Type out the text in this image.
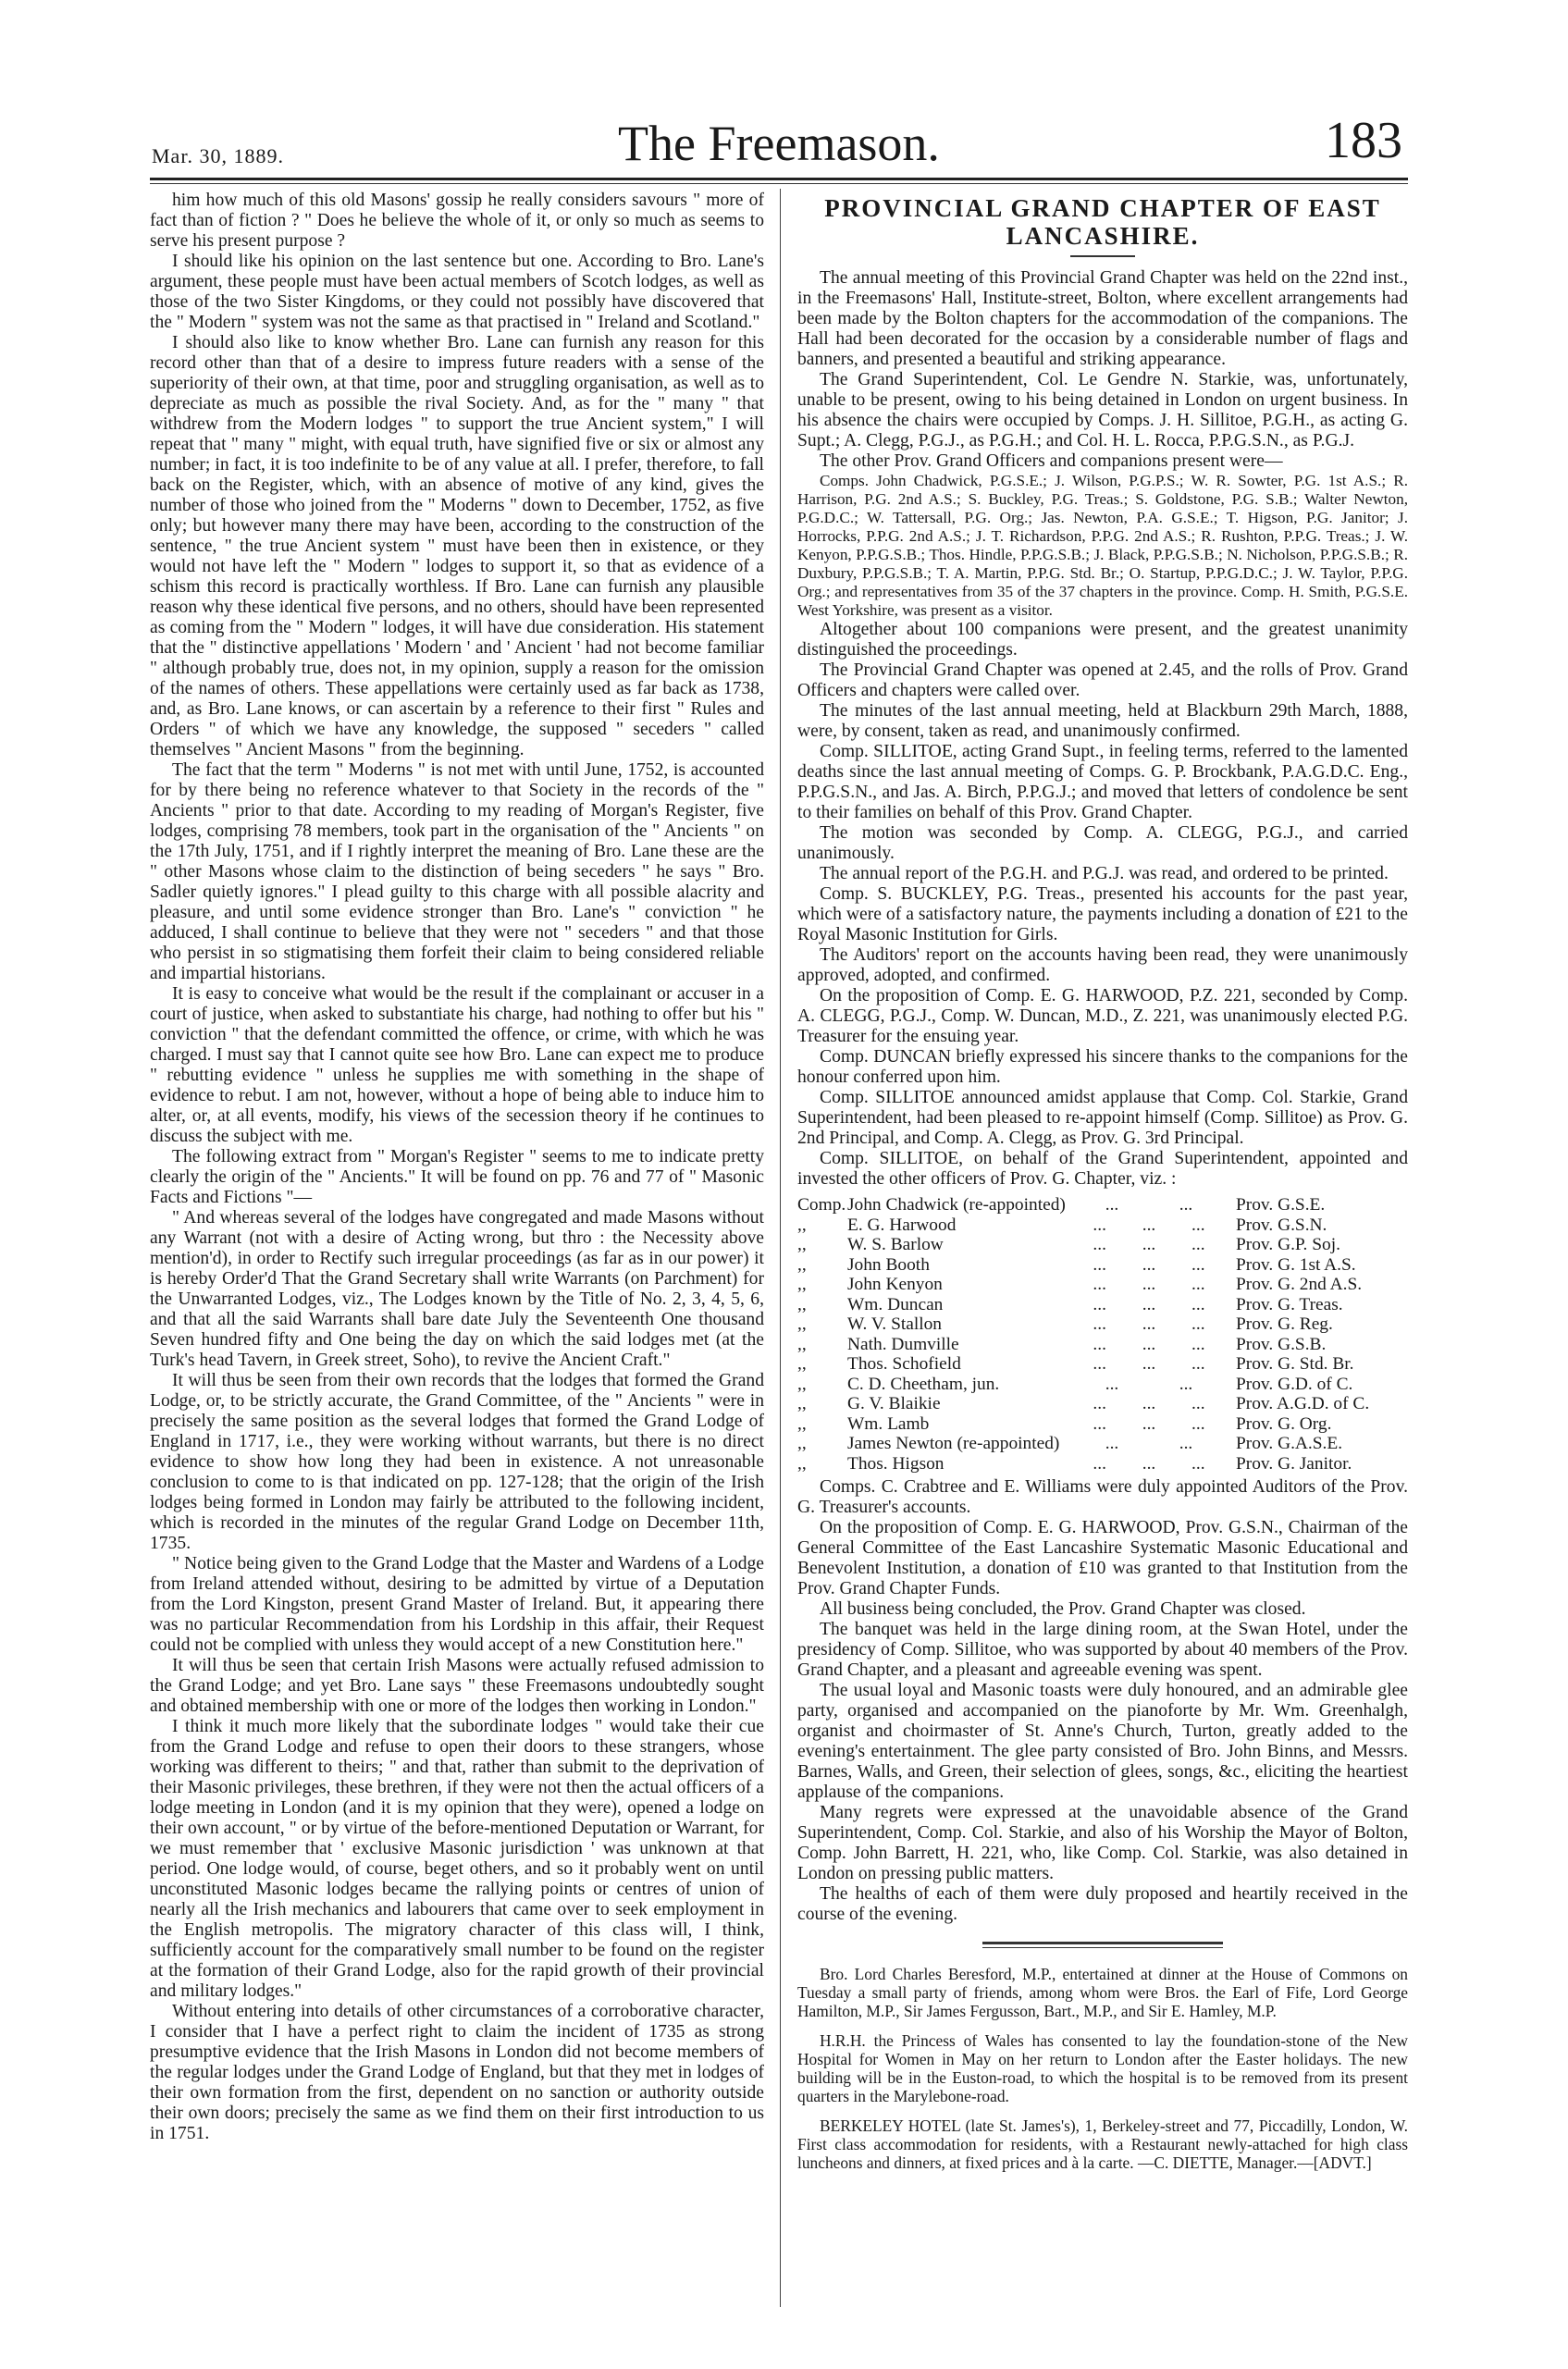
Mar. 30, 1889.	The Freemason.	183

him how much of this old Masons' gossip he really considers savours " more of fact than of fiction ? " Does he believe the whole of it, or only so much as seems to serve his present purpose ?

I should like his opinion on the last sentence but one. According to Bro. Lane's argument, these people must have been actual members of Scotch lodges, as well as those of the two Sister Kingdoms, or they could not possibly have discovered that the " Modern " system was not the same as that practised in " Ireland and Scotland."

I should also like to know whether Bro. Lane can furnish any reason for this record other than that of a desire to impress future readers with a sense of the superiority of their own, at that time, poor and struggling organisation, as well as to depreciate as much as possible the rival Society. And, as for the " many " that withdrew from the Modern lodges " to support the true Ancient system," I will repeat that " many " might, with equal truth, have signified five or six or almost any number; in fact, it is too indefinite to be of any value at all. I prefer, therefore, to fall back on the Register, which, with an absence of motive of any kind, gives the number of those who joined from the " Moderns " down to December, 1752, as five only; but however many there may have been, according to the construction of the sentence, " the true Ancient system " must have been then in existence, or they would not have left the " Modern " lodges to support it, so that as evidence of a schism this record is practically worthless. If Bro. Lane can furnish any plausible reason why these identical five persons, and no others, should have been represented as coming from the " Modern " lodges, it will have due consideration. His statement that the " distinctive appellations ' Modern ' and ' Ancient ' had not become familiar " although probably true, does not, in my opinion, supply a reason for the omission of the names of others. These appellations were certainly used as far back as 1738, and, as Bro. Lane knows, or can ascertain by a reference to their first " Rules and Orders " of which we have any knowledge, the supposed " seceders " called themselves " Ancient Masons " from the beginning.

The fact that the term " Moderns " is not met with until June, 1752, is accounted for by there being no reference whatever to that Society in the records of the " Ancients " prior to that date. According to my reading of Morgan's Register, five lodges, comprising 78 members, took part in the organisation of the " Ancients " on the 17th July, 1751, and if I rightly interpret the meaning of Bro. Lane these are the " other Masons whose claim to the distinction of being seceders " he says " Bro. Sadler quietly ignores." I plead guilty to this charge with all possible alacrity and pleasure, and until some evidence stronger than Bro. Lane's " conviction " he adduced, I shall continue to believe that they were not " seceders " and that those who persist in so stigmatising them forfeit their claim to being considered reliable and impartial historians.

It is easy to conceive what would be the result if the complainant or accuser in a court of justice, when asked to substantiate his charge, had nothing to offer but his " conviction " that the defendant committed the offence, or crime, with which he was charged. I must say that I cannot quite see how Bro. Lane can expect me to produce " rebutting evidence " unless he supplies me with something in the shape of evidence to rebut. I am not, however, without a hope of being able to induce him to alter, or, at all events, modify, his views of the secession theory if he continues to discuss the subject with me.

The following extract from " Morgan's Register " seems to me to indicate pretty clearly the origin of the " Ancients." It will be found on pp. 76 and 77 of " Masonic Facts and Fictions "—

" And whereas several of the lodges have congregated and made Masons without any Warrant (not with a desire of Acting wrong, but thro : the Necessity above mention'd), in order to Rectify such irregular proceedings (as far as in our power) it is hereby Order'd That the Grand Secretary shall write Warrants (on Parchment) for the Unwarranted Lodges, viz., The Lodges known by the Title of No. 2, 3, 4, 5, 6, and that all the said Warrants shall bare date July the Seventeenth One thousand Seven hundred fifty and One being the day on which the said lodges met (at the Turk's head Tavern, in Greek street, Soho), to revive the Ancient Craft."

It will thus be seen from their own records that the lodges that formed the Grand Lodge, or, to be strictly accurate, the Grand Committee, of the " Ancients " were in precisely the same position as the several lodges that formed the Grand Lodge of England in 1717, i.e., they were working without warrants, but there is no direct evidence to show how long they had been in existence. A not unreasonable conclusion to come to is that indicated on pp. 127-128; that the origin of the Irish lodges being formed in London may fairly be attributed to the following incident, which is recorded in the minutes of the regular Grand Lodge on December 11th, 1735.

" Notice being given to the Grand Lodge that the Master and Wardens of a Lodge from Ireland attended without, desiring to be admitted by virtue of a Deputation from the Lord Kingston, present Grand Master of Ireland. But, it appearing there was no particular Recommendation from his Lordship in this affair, their Request could not be complied with unless they would accept of a new Constitution here."

It will thus be seen that certain Irish Masons were actually refused admission to the Grand Lodge; and yet Bro. Lane says " these Freemasons undoubtedly sought and obtained membership with one or more of the lodges then working in London."

I think it much more likely that the subordinate lodges " would take their cue from the Grand Lodge and refuse to open their doors to these strangers, whose working was different to theirs; " and that, rather than submit to the deprivation of their Masonic privileges, these brethren, if they were not then the actual officers of a lodge meeting in London (and it is my opinion that they were), opened a lodge on their own account, " or by virtue of the before-mentioned Deputation or Warrant, for we must remember that ' exclusive Masonic jurisdiction ' was unknown at that period. One lodge would, of course, beget others, and so it probably went on until unconstituted Masonic lodges became the rallying points or centres of union of nearly all the Irish mechanics and labourers that came over to seek employment in the English metropolis. The migratory character of this class will, I think, sufficiently account for the comparatively small number to be found on the register at the formation of their Grand Lodge, also for the rapid growth of their provincial and military lodges."

Without entering into details of other circumstances of a corroborative character, I consider that I have a perfect right to claim the incident of 1735 as strong presumptive evidence that the Irish Masons in London did not become members of the regular lodges under the Grand Lodge of England, but that they met in lodges of their own formation from the first, dependent on no sanction or authority outside their own doors; precisely the same as we find them on their first introduction to us in 1751.

PROVINCIAL GRAND CHAPTER OF EAST LANCASHIRE.

The annual meeting of this Provincial Grand Chapter was held on the 22nd inst., in the Freemasons' Hall, Institute-street, Bolton, where excellent arrangements had been made by the Bolton chapters for the accommodation of the companions. The Hall had been decorated for the occasion by a considerable number of flags and banners, and presented a beautiful and striking appearance.

The Grand Superintendent, Col. Le Gendre N. Starkie, was, unfortunately, unable to be present, owing to his being detained in London on urgent business. In his absence the chairs were occupied by Comps. J. H. Sillitoe, P.G.H., as acting G. Supt.; A. Clegg, P.G.J., as P.G.H.; and Col. H. L. Rocca, P.P.G.S.N., as P.G.J.

The other Prov. Grand Officers and companions present were—

Comps. John Chadwick, P.G.S.E.; J. Wilson, P.G.P.S.; W. R. Sowter, P.G. 1st A.S.; R. Harrison, P.G. 2nd A.S.; S. Buckley, P.G. Treas.; S. Goldstone, P.G. S.B.; Walter Newton, P.G.D.C.; W. Tattersall, P.G. Org.; Jas. Newton, P.A. G.S.E.; T. Higson, P.G. Janitor; J. Horrocks, P.P.G. 2nd A.S.; J. T. Richardson, P.P.G. 2nd A.S.; R. Rushton, P.P.G. Treas.; J. W. Kenyon, P.P.G.S.B.; Thos. Hindle, P.P.G.S.B.; J. Black, P.P.G.S.B.; N. Nicholson, P.P.G.S.B.; R. Duxbury, P.P.G.S.B.; T. A. Martin, P.P.G. Std. Br.; O. Startup, P.P.G.D.C.; J. W. Taylor, P.P.G. Org.; and representatives from 35 of the 37 chapters in the province. Comp. H. Smith, P.G.S.E. West Yorkshire, was present as a visitor.

Altogether about 100 companions were present, and the greatest unanimity distinguished the proceedings.

The Provincial Grand Chapter was opened at 2.45, and the rolls of Prov. Grand Officers and chapters were called over.

The minutes of the last annual meeting, held at Blackburn 29th March, 1888, were, by consent, taken as read, and unanimously confirmed.

Comp. SILLITOE, acting Grand Supt., in feeling terms, referred to the lamented deaths since the last annual meeting of Comps. G. P. Brockbank, P.A.G.D.C. Eng., P.P.G.S.N., and Jas. A. Birch, P.P.G.J.; and moved that letters of condolence be sent to their families on behalf of this Prov. Grand Chapter.

The motion was seconded by Comp. A. CLEGG, P.G.J., and carried unanimously.

The annual report of the P.G.H. and P.G.J. was read, and ordered to be printed.

Comp. S. BUCKLEY, P.G. Treas., presented his accounts for the past year, which were of a satisfactory nature, the payments including a donation of £21 to the Royal Masonic Institution for Girls.

The Auditors' report on the accounts having been read, they were unanimously approved, adopted, and confirmed.

On the proposition of Comp. E. G. HARWOOD, P.Z. 221, seconded by Comp. A. CLEGG, P.G.J., Comp. W. Duncan, M.D., Z. 221, was unanimously elected P.G. Treasurer for the ensuing year.

Comp. DUNCAN briefly expressed his sincere thanks to the companions for the honour conferred upon him.

Comp. SILLITOE announced amidst applause that Comp. Col. Starkie, Grand Superintendent, had been pleased to re-appoint himself (Comp. Sillitoe) as Prov. G. 2nd Principal, and Comp. A. Clegg, as Prov. G. 3rd Principal.

Comp. SILLITOE, on behalf of the Grand Superintendent, appointed and invested the other officers of Prov. G. Chapter, viz. :

Comp. John Chadwick (re-appointed)	...	...	Prov. G.S.E.
,,	E. G. Harwood	... ... ...	Prov. G.S.N.
,,	W. S. Barlow	... ... ...	Prov. G.P. Soj.
,,	John Booth	... ... ...	Prov. G. 1st A.S.
,,	John Kenyon	... ... ...	Prov. G. 2nd A.S.
,,	Wm. Duncan	... ... ...	Prov. G. Treas.
,,	W. V. Stallon	... ... ...	Prov. G. Reg.
,,	Nath. Dumville	... ... ...	Prov. G.S.B.
,,	Thos. Schofield	... ... ...	Prov. G. Std. Br.
,,	C. D. Cheetham, jun.	...	...	Prov. G.D. of C.
,,	G. V. Blaikie	... ... ...	Prov. A.G.D. of C.
,,	Wm. Lamb	... ... ...	Prov. G. Org.
,,	James Newton (re-appointed)	...	...	Prov. G.A.S.E.
,,	Thos. Higson	... ... ...	Prov. G. Janitor.

Comps. C. Crabtree and E. Williams were duly appointed Auditors of the Prov. G. Treasurer's accounts.

On the proposition of Comp. E. G. HARWOOD, Prov. G.S.N., Chairman of the General Committee of the East Lancashire Systematic Masonic Educational and Benevolent Institution, a donation of £10 was granted to that Institution from the Prov. Grand Chapter Funds.

All business being concluded, the Prov. Grand Chapter was closed.

The banquet was held in the large dining room, at the Swan Hotel, under the presidency of Comp. Sillitoe, who was supported by about 40 members of the Prov. Grand Chapter, and a pleasant and agreeable evening was spent.

The usual loyal and Masonic toasts were duly honoured, and an admirable glee party, organised and accompanied on the pianoforte by Mr. Wm. Greenhalgh, organist and choirmaster of St. Anne's Church, Turton, greatly added to the evening's entertainment. The glee party consisted of Bro. John Binns, and Messrs. Barnes, Walls, and Green, their selection of glees, songs, &c., eliciting the heartiest applause of the companions.

Many regrets were expressed at the unavoidable absence of the Grand Superintendent, Comp. Col. Starkie, and also of his Worship the Mayor of Bolton, Comp. John Barrett, H. 221, who, like Comp. Col. Starkie, was also detained in London on pressing public matters.

The healths of each of them were duly proposed and heartily received in the course of the evening.

Bro. Lord Charles Beresford, M.P., entertained at dinner at the House of Commons on Tuesday a small party of friends, among whom were Bros. the Earl of Fife, Lord George Hamilton, M.P., Sir James Fergusson, Bart., M.P., and Sir E. Hamley, M.P.

H.R.H. the Princess of Wales has consented to lay the foundation-stone of the New Hospital for Women in May on her return to London after the Easter holidays. The new building will be in the Euston-road, to which the hospital is to be removed from its present quarters in the Marylebone-road.

BERKELEY HOTEL (late St. James's), 1, Berkeley-street and 77, Piccadilly, London, W. First class accommodation for residents, with a Restaurant newly-attached for high class luncheons and dinners, at fixed prices and à la carte. —C. DIETTE, Manager.—[ADVT.]
